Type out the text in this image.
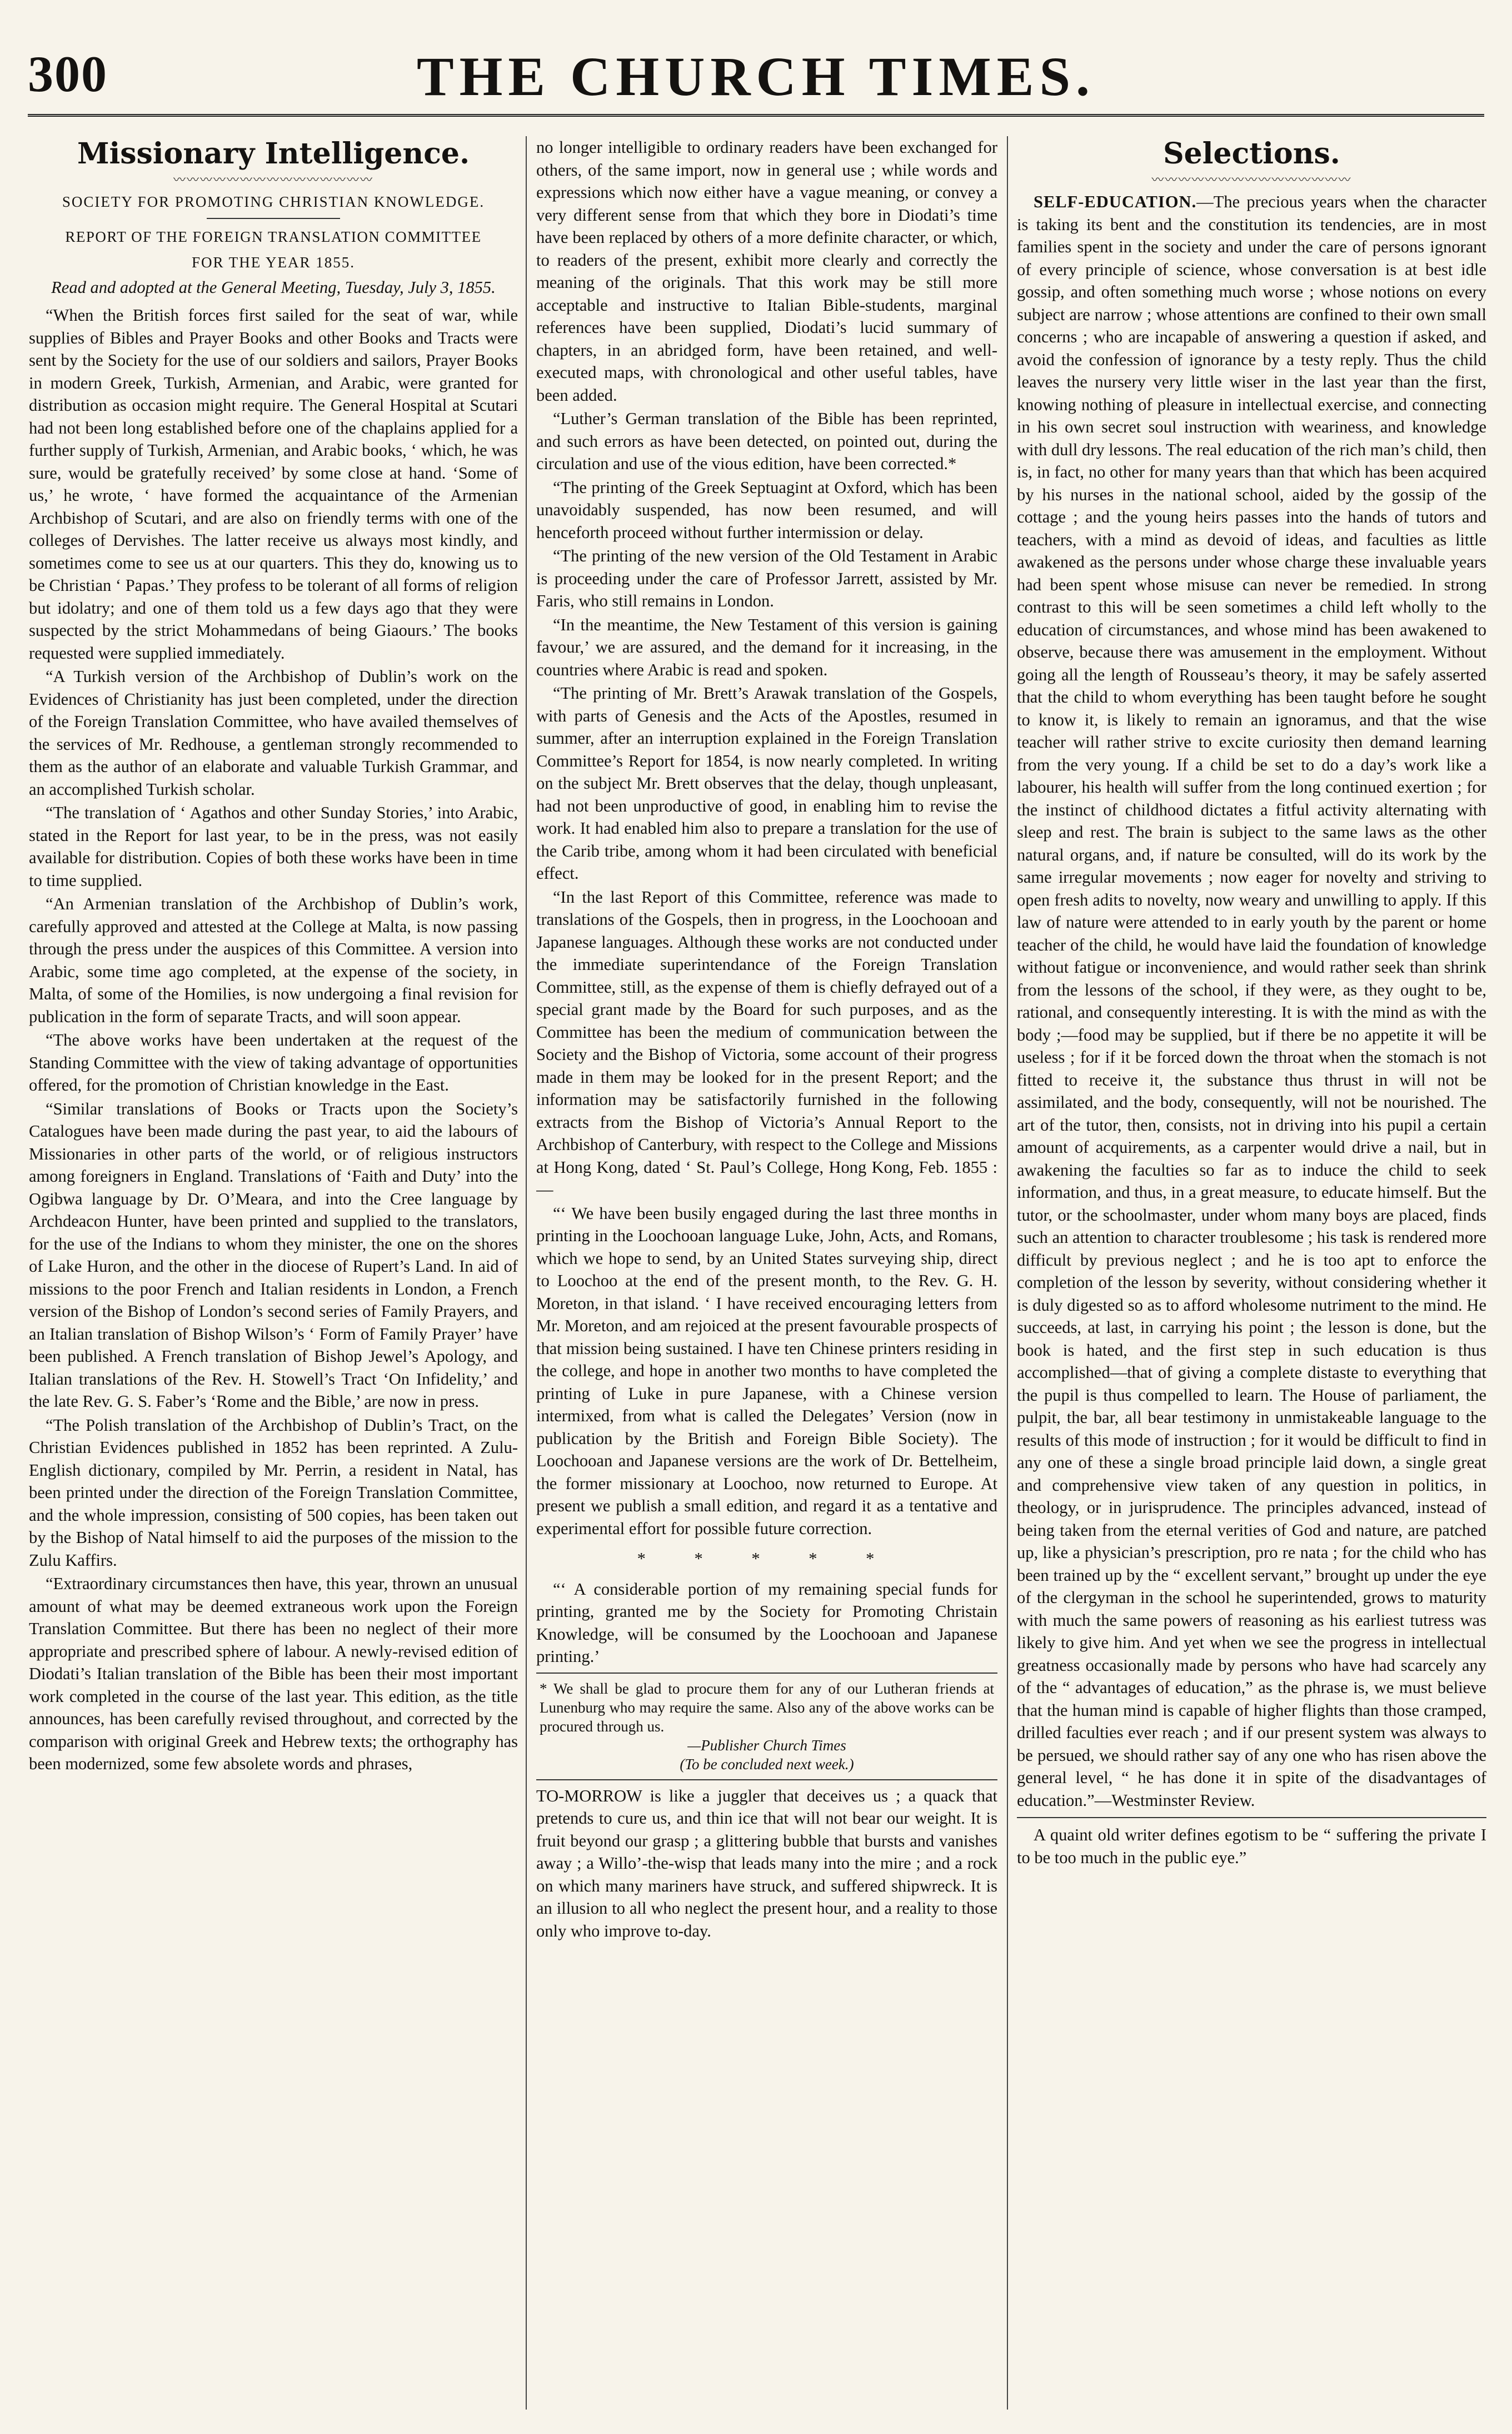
300	THE CHURCH TIMES.
Missionary Intelligence.
〰〰〰〰〰〰〰〰〰〰〰〰〰〰〰
SOCIETY FOR PROMOTING CHRISTIAN KNOWLEDGE.
REPORT OF THE FOREIGN TRANSLATION COMMITTEE
FOR THE YEAR 1855.

Read and adopted at the General Meeting, Tuesday, July 3, 1855.

“When the British forces first sailed for the seat of war, while supplies of Bibles and Prayer Books and other Books and Tracts were sent by the Society for the use of our soldiers and sailors, Prayer Books in modern Greek, Turkish, Armenian, and Arabic, were granted for distribution as occasion might require. The General Hospital at Scutari had not been long established before one of the chaplains applied for a further supply of Turkish, Armenian, and Arabic books, ‘ which, he was sure, would be gratefully received’ by some close at hand. ‘Some of us,’ he wrote, ‘ have formed the acquaintance of the Armenian Archbishop of Scutari, and are also on friendly terms with one of the colleges of Dervishes. The latter receive us always most kindly, and sometimes come to see us at our quarters. This they do, knowing us to be Christian ‘ Papas.’ They profess to be tolerant of all forms of religion but idolatry; and one of them told us a few days ago that they were suspected by the strict Mohammedans of being Giaours.’ The books requested were supplied immediately.

“A Turkish version of the Archbishop of Dublin’s work on the Evidences of Christianity has just been completed, under the direction of the Foreign Translation Committee, who have availed themselves of the services of Mr. Redhouse, a gentleman strongly recommended to them as the author of an elaborate and valuable Turkish Grammar, and an accomplished Turkish scholar.

“The translation of ‘ Agathos and other Sunday Stories,’ into Arabic, stated in the Report for last year, to be in the press, was not easily available for distribution. Copies of both these works have been in time to time supplied.

“An Armenian translation of the Archbishop of Dublin’s work, carefully approved and attested at the College at Malta, is now passing through the press under the auspices of this Committee. A version into Arabic, some time ago completed, at the expense of the society, in Malta, of some of the Homilies, is now undergoing a final revision for publication in the form of separate Tracts, and will soon appear.

“The above works have been undertaken at the request of the Standing Committee with the view of taking advantage of opportunities offered, for the promotion of Christian knowledge in the East.

“Similar translations of Books or Tracts upon the Society’s Catalogues have been made during the past year, to aid the labours of Missionaries in other parts of the world, or of religious instructors among foreigners in England. Translations of ‘Faith and Duty’ into the Ogibwa language by Dr. O’Meara, and into the Cree language by Archdeacon Hunter, have been printed and supplied to the translators, for the use of the Indians to whom they minister, the one on the shores of Lake Huron, and the other in the diocese of Rupert’s Land. In aid of missions to the poor French and Italian residents in London, a French version of the Bishop of London’s second series of Family Prayers, and an Italian translation of Bishop Wilson’s ‘ Form of Family Prayer’ have been published. A French translation of Bishop Jewel’s Apology, and Italian translations of the Rev. H. Stowell’s Tract ‘On Infidelity,’ and the late Rev. G. S. Faber’s ‘Rome and the Bible,’ are now in press.

“The Polish translation of the Archbishop of Dublin’s Tract, on the Christian Evidences published in 1852 has been reprinted. A Zulu-English dictionary, compiled by Mr. Perrin, a resident in Natal, has been printed under the direction of the Foreign Translation Committee, and the whole impression, consisting of 500 copies, has been taken out by the Bishop of Natal himself to aid the purposes of the mission to the Zulu Kaffirs.

“Extraordinary circumstances then have, this year, thrown an unusual amount of what may be deemed extraneous work upon the Foreign Translation Committee. But there has been no neglect of their more appropriate and prescribed sphere of labour. A newly-revised edition of Diodati’s Italian translation of the Bible has been their most important work completed in the course of the last year. This edition, as the title announces, has been carefully revised throughout, and corrected by the comparison with original Greek and Hebrew texts; the orthography has been modernized, some few absolete words and phrases,

no longer intelligible to ordinary readers have been exchanged for others, of the same import, now in general use ; while words and expressions which now either have a vague meaning, or convey a very different sense from that which they bore in Diodati’s time have been replaced by others of a more definite character, or which, to readers of the present, exhibit more clearly and correctly the meaning of the originals. That this work may be still more acceptable and instructive to Italian Bible-students, marginal references have been supplied, Diodati’s lucid summary of chapters, in an abridged form, have been retained, and well-executed maps, with chronological and other useful tables, have been added.

“Luther’s German translation of the Bible has been reprinted, and such errors as have been detected, on pointed out, during the circulation and use of the vious edition, have been corrected.*

“The printing of the Greek Septuagint at Oxford, which has been unavoidably suspended, has now been resumed, and will henceforth proceed without further intermission or delay.

“The printing of the new version of the Old Testament in Arabic is proceeding under the care of Professor Jarrett, assisted by Mr. Faris, who still remains in London.

“In the meantime, the New Testament of this version is gaining favour,’ we are assured, and the demand for it increasing, in the countries where Arabic is read and spoken.

“The printing of Mr. Brett’s Arawak translation of the Gospels, with parts of Genesis and the Acts of the Apostles, resumed in summer, after an interruption explained in the Foreign Translation Committee’s Report for 1854, is now nearly completed. In writing on the subject Mr. Brett observes that the delay, though unpleasant, had not been unproductive of good, in enabling him to revise the work. It had enabled him also to prepare a translation for the use of the Carib tribe, among whom it had been circulated with beneficial effect.

“In the last Report of this Committee, reference was made to translations of the Gospels, then in progress, in the Loochooan and Japanese languages. Although these works are not conducted under the immediate superintendance of the Foreign Translation Committee, still, as the expense of them is chiefly defrayed out of a special grant made by the Board for such purposes, and as the Committee has been the medium of communication between the Society and the Bishop of Victoria, some account of their progress made in them may be looked for in the present Report; and the information may be satisfactorily furnished in the following extracts from the Bishop of Victoria’s Annual Report to the Archbishop of Canterbury, with respect to the College and Missions at Hong Kong, dated ‘ St. Paul’s College, Hong Kong, Feb. 1855 :—

“‘ We have been busily engaged during the last three months in printing in the Loochooan language Luke, John, Acts, and Romans, which we hope to send, by an United States surveying ship, direct to Loochoo at the end of the present month, to the Rev. G. H. Moreton, in that island. ‘ I have received encouraging letters from Mr. Moreton, and am rejoiced at the present favourable prospects of that mission being sustained. I have ten Chinese printers residing in the college, and hope in another two months to have completed the printing of Luke in pure Japanese, with a Chinese version intermixed, from what is called the Delegates’ Version (now in publication by the British and Foreign Bible Society). The Loochooan and Japanese versions are the work of Dr. Bettelheim, the former missionary at Loochoo, now returned to Europe. At present we publish a small edition, and regard it as a tentative and experimental effort for possible future correction.

* * * * *

“‘ A considerable portion of my remaining special funds for printing, granted me by the Society for Promoting Christain Knowledge, will be consumed by the Loochooan and Japanese printing.’

* We shall be glad to procure them for any of our Lutheran friends at Lunenburg who may require the same. Also any of the above works can be procured through us.
—Publisher Church Times
(To be concluded next week.)

TO-MORROW is like a juggler that deceives us ; a quack that pretends to cure us, and thin ice that will not bear our weight. It is fruit beyond our grasp ; a glittering bubble that bursts and vanishes away ; a Willo’-the-wisp that leads many into the mire ; and a rock on which many mariners have struck, and suffered shipwreck. It is an illusion to all who neglect the present hour, and a reality to those only who improve to-day.

Selections.
〰〰〰〰〰〰〰〰〰〰〰〰〰〰〰

SELF-EDUCATION.—The precious years when the character is taking its bent and the constitution its tendencies, are in most families spent in the society and under the care of persons ignorant of every principle of science, whose conversation is at best idle gossip, and often something much worse ; whose notions on every subject are narrow ; whose attentions are confined to their own small concerns ; who are incapable of answering a question if asked, and avoid the confession of ignorance by a testy reply. Thus the child leaves the nursery very little wiser in the last year than the first, knowing nothing of pleasure in intellectual exercise, and connecting in his own secret soul instruction with weariness, and knowledge with dull dry lessons. The real education of the rich man’s child, then is, in fact, no other for many years than that which has been acquired by his nurses in the national school, aided by the gossip of the cottage ; and the young heirs passes into the hands of tutors and teachers, with a mind as devoid of ideas, and faculties as little awakened as the persons under whose charge these invaluable years had been spent whose misuse can never be remedied. In strong contrast to this will be seen sometimes a child left wholly to the education of circumstances, and whose mind has been awakened to observe, because there was amusement in the employment. Without going all the length of Rousseau’s theory, it may be safely asserted that the child to whom everything has been taught before he sought to know it, is likely to remain an ignoramus, and that the wise teacher will rather strive to excite curiosity then demand learning from the very young. If a child be set to do a day’s work like a labourer, his health will suffer from the long continued exertion ; for the instinct of childhood dictates a fitful activity alternating with sleep and rest. The brain is subject to the same laws as the other natural organs, and, if nature be consulted, will do its work by the same irregular movements ; now eager for novelty and striving to open fresh adits to novelty, now weary and unwilling to apply. If this law of nature were attended to in early youth by the parent or home teacher of the child, he would have laid the foundation of knowledge without fatigue or inconvenience, and would rather seek than shrink from the lessons of the school, if they were, as they ought to be, rational, and consequently interesting. It is with the mind as with the body ;—food may be supplied, but if there be no appetite it will be useless ; for if it be forced down the throat when the stomach is not fitted to receive it, the substance thus thrust in will not be assimilated, and the body, consequently, will not be nourished. The art of the tutor, then, consists, not in driving into his pupil a certain amount of acquirements, as a carpenter would drive a nail, but in awakening the faculties so far as to induce the child to seek information, and thus, in a great measure, to educate himself. But the tutor, or the schoolmaster, under whom many boys are placed, finds such an attention to character troublesome ; his task is rendered more difficult by previous neglect ; and he is too apt to enforce the completion of the lesson by severity, without considering whether it is duly digested so as to afford wholesome nutriment to the mind. He succeeds, at last, in carrying his point ; the lesson is done, but the book is hated, and the first step in such education is thus accomplished—that of giving a complete distaste to everything that the pupil is thus compelled to learn. The House of parliament, the pulpit, the bar, all bear testimony in unmistakeable language to the results of this mode of instruction ; for it would be difficult to find in any one of these a single broad principle laid down, a single great and comprehensive view taken of any question in politics, in theology, or in jurisprudence. The principles advanced, instead of being taken from the eternal verities of God and nature, are patched up, like a physician’s prescription, pro re nata ; for the child who has been trained up by the “ excellent servant,” brought up under the eye of the clergyman in the school he superintended, grows to maturity with much the same powers of reasoning as his earliest tutress was likely to give him. And yet when we see the progress in intellectual greatness occasionally made by persons who have had scarcely any of the “ advantages of education,” as the phrase is, we must believe that the human mind is capable of higher flights than those cramped, drilled faculties ever reach ; and if our present system was always to be persued, we should rather say of any one who has risen above the general level, “ he has done it in spite of the disadvantages of education.”—Westminster Review.

A quaint old writer defines egotism to be “ suffering the private I to be too much in the public eye.”
